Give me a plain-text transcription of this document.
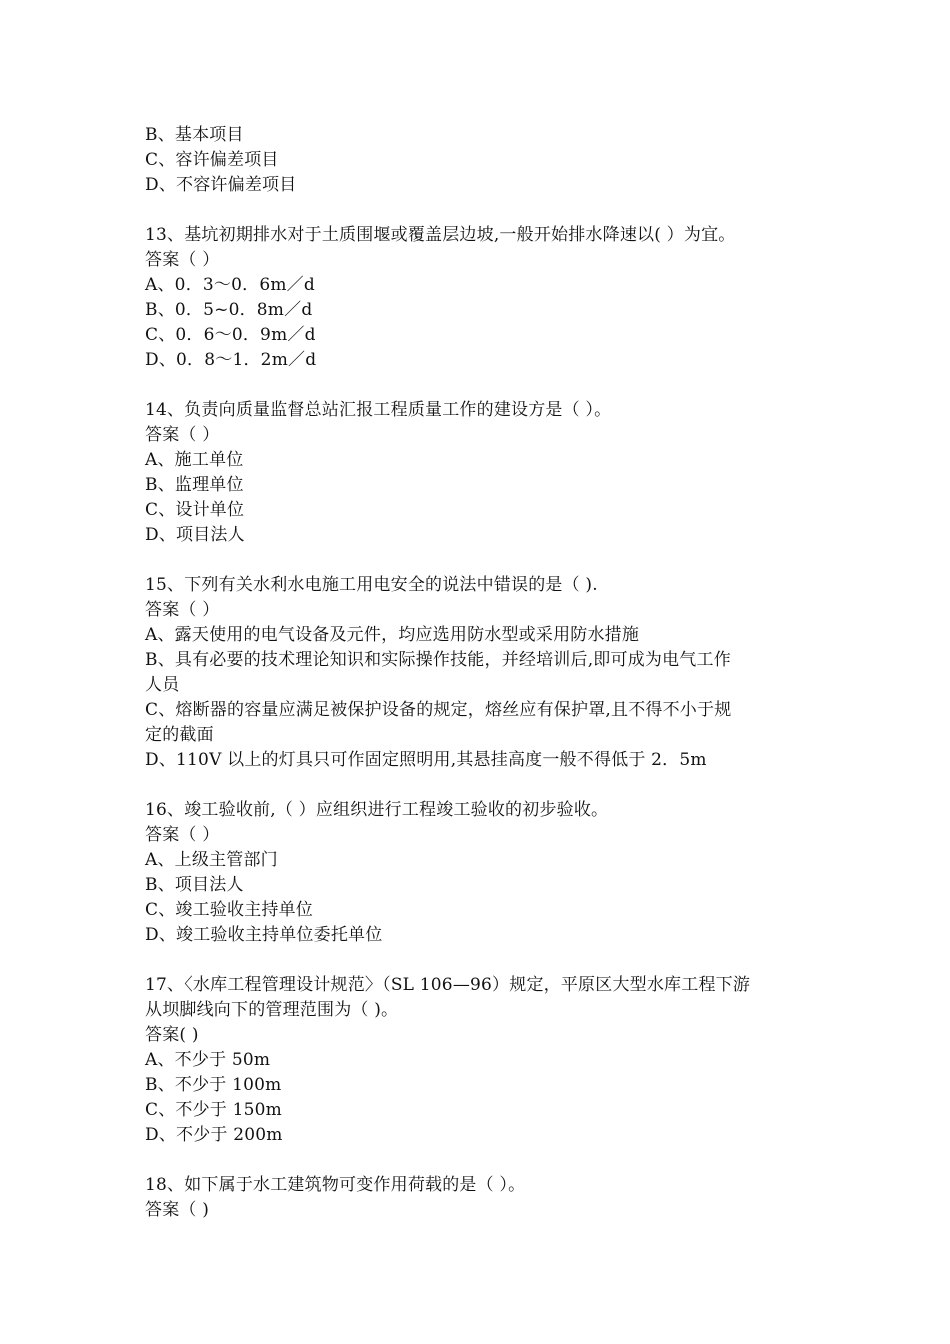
B、基本项目
C、容许偏差项目
D、不容许偏差项目
13、基坑初期排水对于土质围堰或覆盖层边坡,一般开始排水降速以( ）为宜。
答案（ ）
A、0．3～0．6m／d
B、0．5~0．8m／d
C、0．6～0．9m／d
D、0．8～1．2m／d
14、负责向质量监督总站汇报工程质量工作的建设方是（ ）。
答案（ ）
A、施工单位
B、监理单位
C、设计单位
D、项目法人
15、下列有关水利水电施工用电安全的说法中错误的是（ ).
答案（ ）
A、露天使用的电气设备及元件，均应选用防水型或采用防水措施
B、具有必要的技术理论知识和实际操作技能，并经培训后,即可成为电气工作
人员
C、熔断器的容量应满足被保护设备的规定，熔丝应有保护罩,且不得不小于规
定的截面
D、110V 以上的灯具只可作固定照明用,其悬挂高度一般不得低于 2．5m
16、竣工验收前,（ ）应组织进行工程竣工验收的初步验收。
答案（ ）
A、上级主管部门
B、项目法人
C、竣工验收主持单位
D、竣工验收主持单位委托单位
17、〈水库工程管理设计规范〉（SL 106—96）规定，平原区大型水库工程下游
从坝脚线向下的管理范围为（ )。
答案( )
A、不少于 50m
B、不少于 100m
C、不少于 150m
D、不少于 200m
18、如下属于水工建筑物可变作用荷载的是（ ）。
答案（ )
